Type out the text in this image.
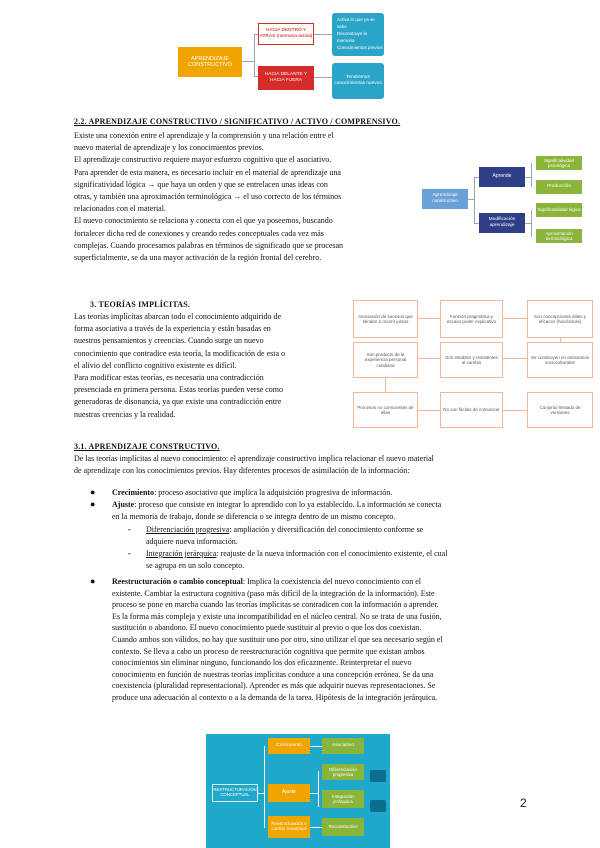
APRENDIZAJE CONSTRUCTIVO
HACIA DENTRO Y ATRÁS (memoria activa)
HACIA DELANTE Y HACIA FUERA
Activa lo que ya se sabe
Reconstruye la memoria
Conocimientos previos
Tendremos conocimientos nuevos
2.2. APRENDIZAJE CONSTRUCTIVO / SIGNIFICATIVO / ACTIVO / COMPRENSIVO.
Existe una conexión entre el aprendizaje y la comprensión y una relación entre el
nuevo material de aprendizaje y los conocimientos previos.
El aprendizaje constructivo requiere mayor esfuerzo cognitivo que el asociativo.
Para aprender de esta manera, es necesario incluir en el material de aprendizaje una
significatividad lógica → que haya un orden y que se entrelacen unas ideas con
otras, y también una aproximación terminológica → el uso correcto de los términos
relacionados con el material.
El nuevo conocimiento se relaciona y conecta con el que ya poseemos, buscando
fortalecer dicha red de conexiones y creando redes conceptuales cada vez más
complejas. Cuando procesamos palabras en términos de significado que se procesan
superficialmente, se da una mayor activación de la región frontal del cerebro.
Aprendizaje constructivo
Aprende
Modificación aprendizaje
Significatividad psicológica
Producción
Significatividad lógica
Aproximación terminológica
3. TEORÍAS IMPLÍCITAS.
Las teorías implícitas abarcan todo el conocimiento adquirido de
forma asociativa a través de la experiencia y están basadas en
nuestros pensamientos y creencias. Cuando surge un nuevo
conocimiento que contradice esta teoría, la modificación de esta o
el alivio del conflicto cognitivo existente es difícil.
Para modificar estas teorías, es necesaria una contradicción
presenciada en primera persona. Estas teorías pueden verse como
generadoras de disonancia, ya que existe una contradicción entre
nuestras creencias y la realidad.
Asociación de sucesos que tienden a ocurrir juntos
Función pragmática y escaso poder explicativo
Son concepciones útiles y eficaces (heurísticas)
Son producto de la experiencia personal cotidiana
Son estables y resistentes al cambio
Se construyen en escenarios socioculturales
Procesos no conscientes de ellas
No son fáciles de comunicar
Conjunto limitado de versiones
3.1. APRENDIZAJE CONSTRUCTIVO.
De las teorías implícitas al nuevo conocimiento: el aprendizaje constructivo implica relacionar el nuevo material
de aprendizaje con los conocimientos previos. Hay diferentes procesos de asimilación de la información:
● Crecimiento: proceso asociativo que implica la adquisición progresiva de información.
● Ajuste: proceso que consiste en integrar lo aprendido con lo ya establecido. La información se conecta
en la memoria de trabajo, donde se diferencia o se integra dentro de un mismo concepto.
- Diferenciación progresiva: ampliación y diversificación del conocimiento conforme se
adquiere nueva información.
- Integración jerárquica: reajuste de la nueva información con el conocimiento existente, el cual
se agrupa en un solo concepto.
● Reestructuración o cambio conceptual: Implica la coexistencia del nuevo conocimiento con el
existente. Cambiar la estructura cognitiva (paso más difícil de la integración de la información). Este
proceso se pone en marcha cuando las teorías implícitas se contradicen con la información a aprender.
Es la forma más compleja y existe una incompatibilidad en el núcleo central. No se trata de una fusión,
sustitución o abandono. El nuevo conocimiento puede sustituir al previo o que los dos coexistan.
Cuando ambos son válidos, no hay que sustituir uno por otro, sino utilizar el que sea necesario según el
contexto. Se lleva a cabo un proceso de reestructuración cognitiva que permite que existan ambos
conocimientos sin eliminar ninguno, funcionando los dos eficazmente. Reinterpretar el nuevo
conocimiento en función de nuestras teorías implícitas conduce a una concepción errónea. Se da una
coexistencia (pluralidad representacional). Aprender es más que adquirir nuevas representaciones. Se
produce una adecuación al contexto o a la demanda de la tarea. Hipótesis de la integración jerárquica.
RESTRUCTURACIÓN CONCEPTUAL
Crecimiento
Ajuste
Reestructuración o cambio conceptual
Asociativo
Diferenciación progresiva
Integración jerárquica
Reconstructivo
2
